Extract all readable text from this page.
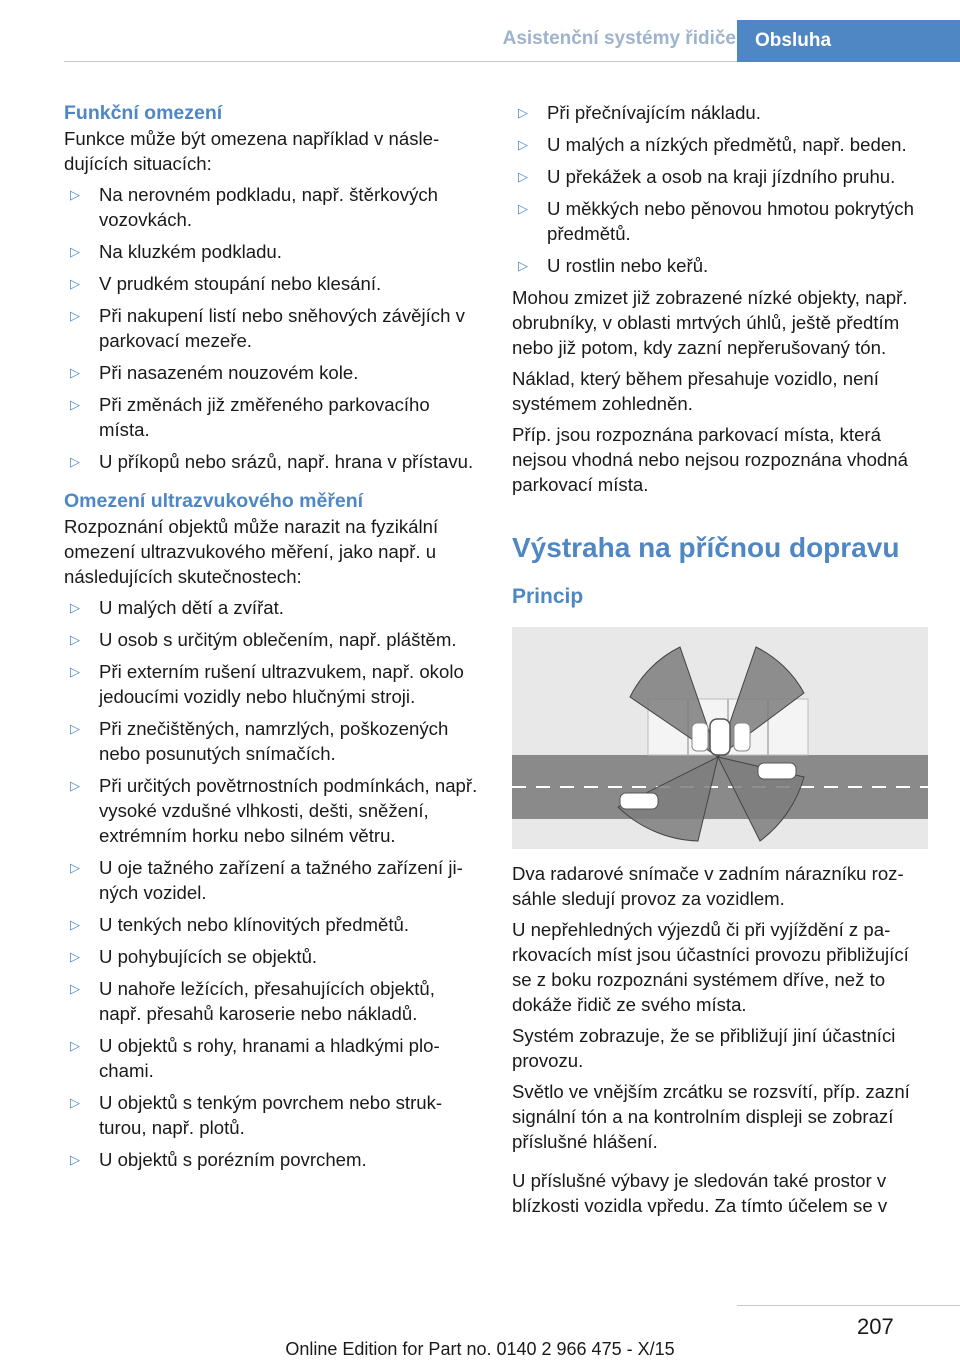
Asistenční systémy řidiče	Obsluha
Funkční omezení

Funkce může být omezena například v následujících situacích:

▷ Na nerovném podkladu, např. štěrkových vozovkách.
▷ Na kluzkém podkladu.
▷ V prudkém stoupání nebo klesání.
▷ Při nakupení listí nebo sněhových závějích v parkovací mezeře.
▷ Při nasazeném nouzovém kole.
▷ Při změnách již změřeného parkovacího místa.
▷ U příkopů nebo srázů, např. hrana v přístavu.
Omezení ultrazvukového měření

Rozpoznání objektů může narazit na fyzikální omezení ultrazvukového měření, jako např. u následujících skutečnostech:

▷ U malých dětí a zvířat.
▷ U osob s určitým oblečením, např. pláštěm.
▷ Při externím rušení ultrazvukem, např. okolo jedoucími vozidly nebo hlučnými stroji.
▷ Při znečištěných, namrzlých, poškozených nebo posunutých snímačích.
▷ Při určitých povětrnostních podmínkách, např. vysoké vzdušné vlhkosti, dešti, sněžení, extrémním horku nebo silném větru.
▷ U oje tažného zařízení a tažného zařízení jiných vozidel.
▷ U tenkých nebo klínovitých předmětů.
▷ U pohybujících se objektů.
▷ U nahoře ležících, přesahujících objektů, např. přesahů karoserie nebo nákladů.
▷ U objektů s rohy, hranami a hladkými plochami.
▷ U objektů s tenkým povrchem nebo strukturou, např. plotů.
▷ U objektů s porézním povrchem.
▷ Při přečnívajícím nákladu.
▷ U malých a nízkých předmětů, např. beden.
▷ U překážek a osob na kraji jízdního pruhu.
▷ U měkkých nebo pěnovou hmotou pokrytých předmětů.
▷ U rostlin nebo keřů.

Mohou zmizet již zobrazené nízké objekty, např. obrubníky, v oblasti mrtvých úhlů, ještě předtím nebo již potom, kdy zazní nepřerušovaný tón.

Náklad, který během přesahuje vozidlo, není systémem zohledněn.

Příp. jsou rozpoznána parkovací místa, která nejsou vhodná nebo nejsou rozpoznána vhodná parkovací místa.

Výstraha na příčnou dopravu
Princip

Dva radarové snímače v zadním nárazníku rozsáhle sledují provoz za vozidlem.

U nepřehledných výjezdů či při vyjíždění z parkovacích míst jsou účastníci provozu přibližující se z boku rozpoznáni systémem dříve, než to dokáže řidič ze svého místa.

Systém zobrazuje, že se přibližují jiní účastníci provozu.

Světlo ve vnějším zrcátku se rozsvítí, příp. zazní signální tón a na kontrolním displeji se zobrazí příslušné hlášení.

U příslušné výbavy je sledován také prostor v blízkosti vozidla vpředu. Za tímto účelem se v

207
Online Edition for Part no. 0140 2 966 475 - X/15
